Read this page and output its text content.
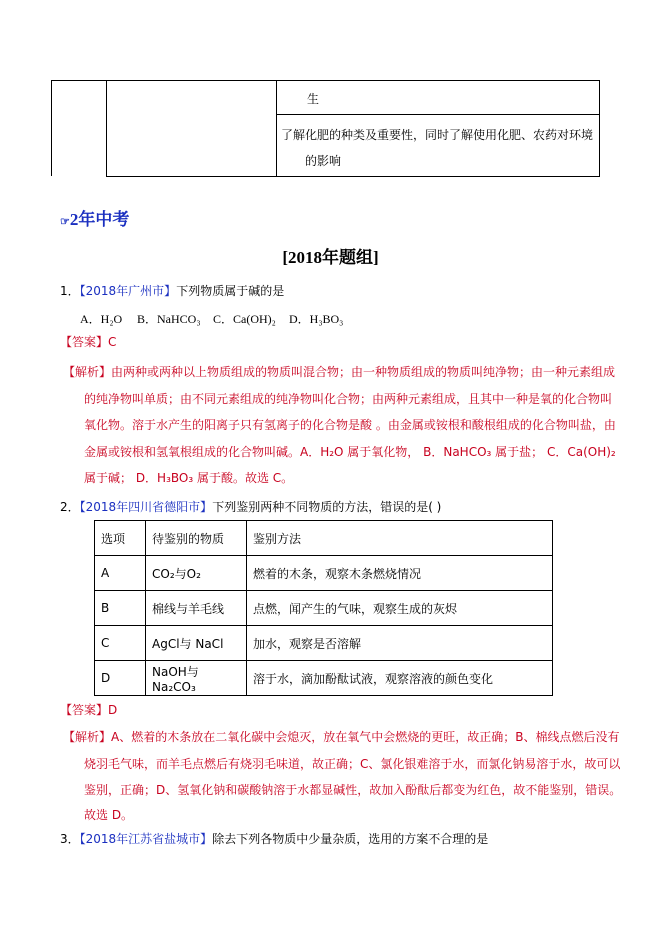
生
了解化肥的种类及重要性，同时了解使用化肥、农药对环境
的影响
☞2年中考
[2018年题组]
1．【2018年广州市】下列物质属于碱的是
A．H₂O B．NaHCO₃ C．Ca(OH)₂ D．H₃BO₃
【答案】C
【解析】由两种或两种以上物质组成的物质叫混合物；由一种物质组成的物质叫纯净物；由一种元素组成
的纯净物叫单质；由不同元素组成的纯净物叫化合物；由两种元素组成，且其中一种是氧的化合物叫
氧化物。溶于水产生的阳离子只有氢离子的化合物是酸 。由金属或铵根和酸根组成的化合物叫盐，由
金属或铵根和氢氧根组成的化合物叫碱。A．H₂O 属于氧化物， B．NaHCO₃ 属于盐； C．Ca(OH)₂
属于碱； D．H₃BO₃ 属于酸。故选 C。
2．【2018年四川省德阳市】下列鉴别两种不同物质的方法，错误的是( )
选项	待鉴别的物质	鉴别方法
A	CO₂与O₂	燃着的木条，观察木条燃烧情况
B	棉线与羊毛线	点燃，闻产生的气味，观察生成的灰烬
C	AgCl与 NaCl	加水，观察是否溶解
D	NaOH与 Na₂CO₃	溶于水，滴加酚酞试液，观察溶液的颜色变化
【答案】D
【解析】A、燃着的木条放在二氧化碳中会熄灭，放在氧气中会燃烧的更旺，故正确；B、棉线点燃后没有
烧羽毛气味，而羊毛点燃后有烧羽毛味道，故正确；C、氯化银难溶于水，而氯化钠易溶于水，故可以
鉴别，正确；D、氢氧化钠和碳酸钠溶于水都显碱性，故加入酚酞后都变为红色，故不能鉴别，错误。
故选 D。
3．【2018年江苏省盐城市】除去下列各物质中少量杂质，选用的方案不合理的是
